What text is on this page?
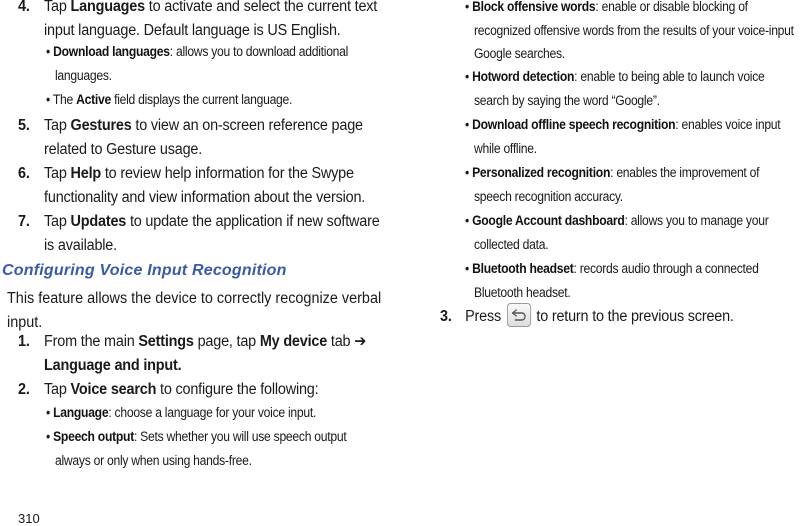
4. Tap Languages to activate and select the current text
input language. Default language is US English.
• Download languages: allows you to download additional
languages.
• The Active field displays the current language.
5. Tap Gestures to view an on-screen reference page
related to Gesture usage.
6. Tap Help to review help information for the Swype
functionality and view information about the version.
7. Tap Updates to update the application if new software
is available.
Configuring Voice Input Recognition
This feature allows the device to correctly recognize verbal
input.
1. From the main Settings page, tap My device tab ➔
Language and input.
2. Tap Voice search to configure the following:
• Language: choose a language for your voice input.
• Speech output: Sets whether you will use speech output
always or only when using hands-free.
310
• Block offensive words: enable or disable blocking of
recognized offensive words from the results of your voice-input
Google searches.
• Hotword detection: enable to being able to launch voice
search by saying the word “Google”.
• Download offline speech recognition: enables voice input
while offline.
• Personalized recognition: enables the improvement of
speech recognition accuracy.
• Google Account dashboard: allows you to manage your
collected data.
• Bluetooth headset: records audio through a connected
Bluetooth headset.
3. Press to return to the previous screen.
